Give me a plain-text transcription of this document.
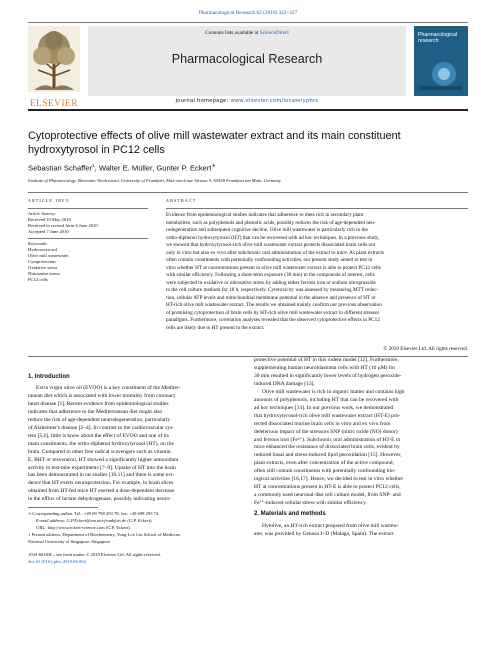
Pharmacological Research 62 (2010) 322–327
ELSEVIER
Contents lists available at ScienceDirect
Pharmacological Research
Pharmacological
research
journal homepage: www.elsevier.com/locate/yphrs
Cytoprotective effects of olive mill wastewater extract and its main constituent hydroxytyrosol in PC12 cells
Sebastian Schaffer$^1$, Walter E. Müller, Gunter P. Eckert∗
Institute of Pharmacology, Biocenter Niederursel, University of Frankfurt, Max-von-Laue Strasse 9, 60438 Frankfurt am Main, Germany
article info
Article history:
Received 19 May 2010
Received in revised form 6 June 2010
Accepted 7 June 2010
Keywords:
Hydroxytyrosol
Olive mill wastewater
Cytoprotection
Oxidative stress
Nitrosative stress
PC12 cells
abstract
Evidence from epidemiological studies indicates that adherence to diets rich in secondary plant
metabolites, such as polyphenols and phenolic acids, possibly reduces the risk of age-dependent neu-
rodegeneration and subsequent cognitive decline. Olive mill wastewater is particularly rich in the
ortho-diphenol hydroxytyrosol (HT) that can be recovered with ad hoc techniques. In a previous study,
we showed that hydroxytyrosol-rich olive mill wastewater extract protects dissociated brain cells not
only in vitro but also ex vivo after subchronic oral administration of the extract to mice. As plant extracts
often contain constituents with potentially confounding activities, our present study aimed to test in
vitro whether HT at concentrations present in olive mill wastewater extract is able to protect PC12 cells
with similar efficiency. Following a short-term exposure (30 min) to the compounds of interest, cells
were subjected to oxidative or nitrosative stress by adding either ferrous iron or sodium nitroprusside
to the cell culture medium for 18 h, respectively. Cytotoxicity was assessed by measuring MTT reduc-
tion, cellular ATP levels and mitochondrial membrane potential in the absence and presence of HT or
HT-rich olive mill wastewater extract. The results we obtained mainly confirm our previous observation
of promising cytoprotection of brain cells by HT-rich olive mill wastewater extract in different stressor
paradigms. Furthermore, correlation analyses revealed that the observed cytoprotective effects in PC12
cells are likely due to HT present in the extract.
© 2010 Elsevier Ltd. All rights reserved.
1. Introduction
Extra virgin olive oil (EVOO) is a key constituent of the Mediter-
ranean diet which is associated with lower mortality from coronary
heart disease [1]. Recent evidence from epidemiological studies
indicates that adherence to the Mediterranean diet might also
reduce the risk of age-dependent neurodegeneration, particularly
of Alzheimer's disease [2–4]. In contrast to the cardiovascular sys-
tem [5,6], little is know about the effect of EVOO and one of its
main constituents, the ortho-diphenol hydroxytyrosol (HT), on the
brain. Compared to other free radical scavengers such as vitamin
E, BHT or resveratrol, HT showed a significantly higher antioxidant
activity in test-tube experiments [7–9]. Uptake of HT into the brain
has been demonstrated in rat studies [10,11] and there is some evi-
dence that HT exerts neuroprotection. For example, in brain slices
obtained from HT-fed mice HT exerted a dose-dependent decrease
in the efflux of lactate dehydrogenase, possibly indicating neuro-
protective potential of HT in this rodent model [12]. Furthermore,
supplementing human neuroblastoma cells with HT (10 μM) for
30 min resulted in significantly lower levels of hydrogen peroxide-
induced DNA damage [13].
Olive mill wastewater is rich in organic matter and contains high
amounts of polyphenols, including HT that can be recovered with
ad hoc techniques [14]. In our previous work, we demonstrated
that hydroxytyrosol-rich olive mill wastewater extract (HT-E) pro-
tected dissociated murine brain cells in vitro and ex vivo from
deleterious impact of the stressors SNP (nitric oxide (NO) donor)
and ferrous iron (Fe²⁺). Subchronic oral administration of HT-E in
mice enhanced the resistance of dissociated brain cells, evident by
reduced basal and stress-induced lipid peroxidation [15]. However,
plant extracts, even after concentration of the active compound,
often still contain constituents with potentially confounding bio-
logical activities [16,17]. Hence, we decided to test in vitro whether
HT at concentrations present in HT-E is able to protect PC12 cells,
a commonly used neuronal-like cell culture model, from SNP- and
Fe²⁺-induced cellular stress with similar efficiency.
2. Materials and methods
Hytolive, an HT-rich extract prepared from olive mill wastew-
ater, was provided by Genosa I+D (Malaga, Spain). The extract
∗ Corresponding author. Tel.: +49 69 798 293 78; fax: +49 698 293 74.
E-mail address: G.P.Eckert@em.uni-frankfurt.de (G.P. Eckert).
URL: http://www.eckert-science.com (G.P. Eckert).
1 Present address: Department of Biochemistry, Yong Loo Lin School of Medicine,
National University of Singapore, Singapore.
1043-6618/$ – see front matter © 2010 Elsevier Ltd. All rights reserved.
doi:10.1016/j.phrs.2010.06.004
